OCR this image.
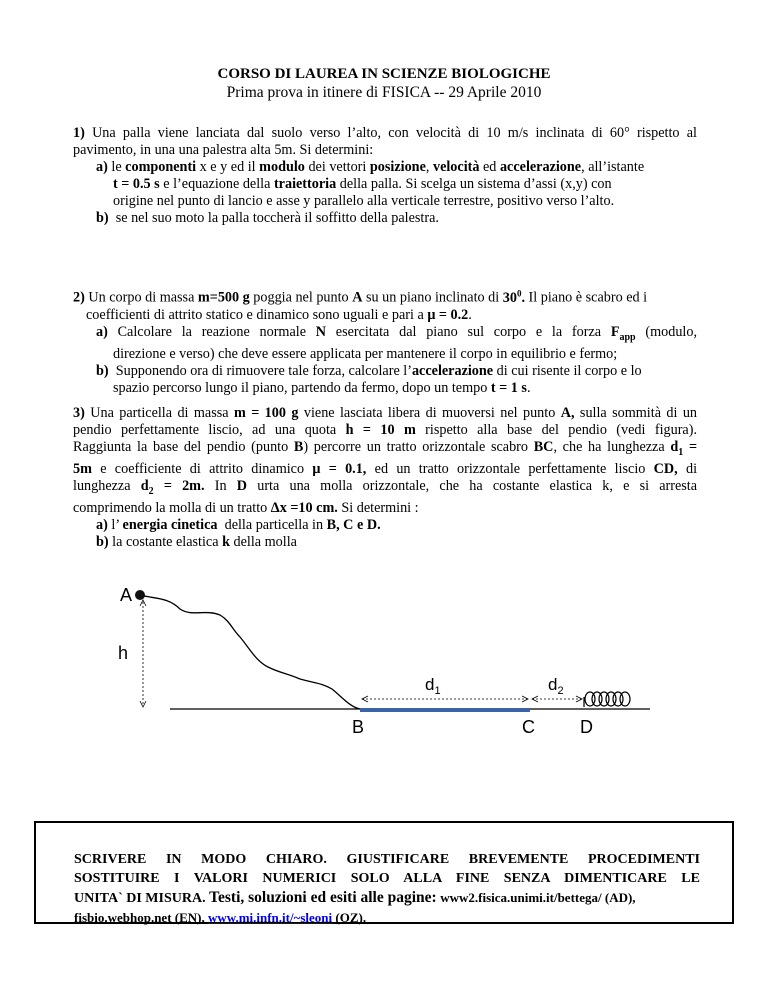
CORSO DI LAUREA IN SCIENZE BIOLOGICHE
Prima prova in itinere di FISICA -- 29 Aprile 2010
1) Una palla viene lanciata dal suolo verso l’alto, con velocità di 10 m/s inclinata di 60° rispetto al
pavimento, in una una palestra alta 5m. Si determini:
a) le componenti x e y ed il modulo dei vettori posizione, velocità ed accelerazione, all’istante
t = 0.5 s e l’equazione della traiettoria della palla. Si scelga un sistema d’assi (x,y) con
origine nel punto di lancio e asse y parallelo alla verticale terrestre, positivo verso l’alto.
b) se nel suo moto la palla toccherà il soffitto della palestra.
2) Un corpo di massa m=500 g poggia nel punto A su un piano inclinato di $30^0$. Il piano è scabro ed i
coefficienti di attrito statico e dinamico sono uguali e pari a μ = 0.2.
a) Calcolare la reazione normale N esercitata dal piano sul corpo e la forza $F_{app}$ (modulo,
direzione e verso) che deve essere applicata per mantenere il corpo in equilibrio e fermo;
b) Supponendo ora di rimuovere tale forza, calcolare l’accelerazione di cui risente il corpo e lo
spazio percorso lungo il piano, partendo da fermo, dopo un tempo t = 1 s.
3) Una particella di massa m = 100 g viene lasciata libera di muoversi nel punto A, sulla sommità di un
pendio perfettamente liscio, ad una quota h = 10 m rispetto alla base del pendio (vedi figura).
Raggiunta la base del pendio (punto B) percorre un tratto orizzontale scabro BC, che ha lunghezza $d_1$ =
5m e coefficiente di attrito dinamico μ = 0.1, ed un tratto orizzontale perfettamente liscio CD, di
lunghezza $d_2 = 2m$. In D urta una molla orizzontale, che ha costante elastica k, e si arresta
comprimendo la molla di un tratto Δx =10 cm. Si determini :
a) l’ energia cinetica della particella in B, C e D.
b) la costante elastica k della molla
A
h
$d_1$	$d_2$
B	C	D
SCRIVERE IN MODO CHIARO. GIUSTIFICARE BREVEMENTE PROCEDIMENTI
SOSTITUIRE I VALORI NUMERICI SOLO ALLA FINE SENZA DIMENTICARE LE
UNITA` DI MISURA. Testi, soluzioni ed esiti alle pagine: www2.fisica.unimi.it/bettega/ (AD),
fisbio.webhop.net (EN), www.mi.infn.it/~sleoni (OZ).
